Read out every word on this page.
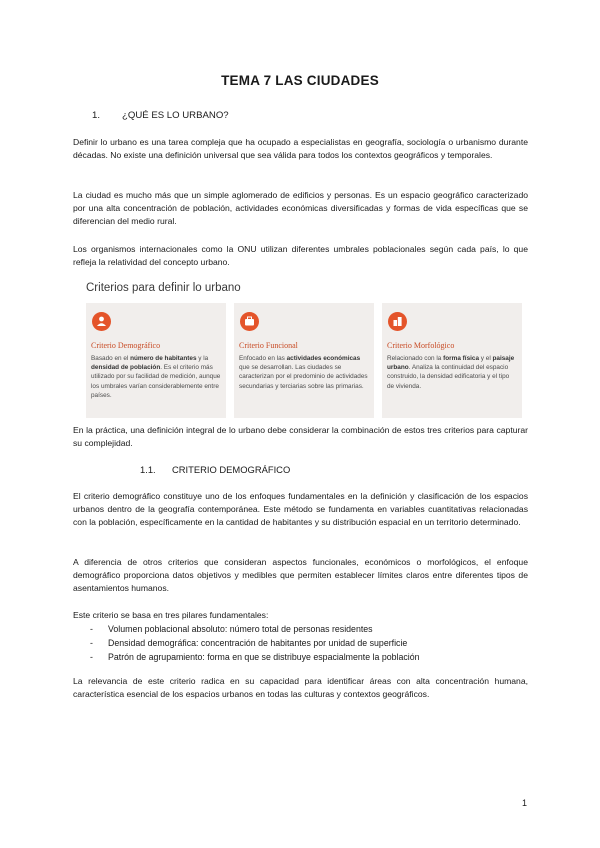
TEMA 7 LAS CIUDADES
1. ¿QUÉ ES LO URBANO?
Definir lo urbano es una tarea compleja que ha ocupado a especialistas en geografía, sociología o urbanismo durante décadas. No existe una definición universal que sea válida para todos los contextos geográficos y temporales.
La ciudad es mucho más que un simple aglomerado de edificios y personas. Es un espacio geográfico caracterizado por una alta concentración de población, actividades económicas diversificadas y formas de vida específicas que se diferencian del medio rural.
Los organismos internacionales como la ONU utilizan diferentes umbrales poblacionales según cada país, lo que refleja la relatividad del concepto urbano.
Criterios para definir lo urbano
Criterio Demográfico
Basado en el número de habitantes y la densidad de población. Es el criterio más utilizado por su facilidad de medición, aunque los umbrales varían considerablemente entre países.
Criterio Funcional
Enfocado en las actividades económicas que se desarrollan. Las ciudades se caracterizan por el predominio de actividades secundarias y terciarias sobre las primarias.
Criterio Morfológico
Relacionado con la forma física y el paisaje urbano. Analiza la continuidad del espacio construido, la densidad edificatoria y el tipo de vivienda.
En la práctica, una definición integral de lo urbano debe considerar la combinación de estos tres criterios para capturar su complejidad.
1.1. CRITERIO DEMOGRÁFICO
El criterio demográfico constituye uno de los enfoques fundamentales en la definición y clasificación de los espacios urbanos dentro de la geografía contemporánea. Este método se fundamenta en variables cuantitativas relacionadas con la población, específicamente en la cantidad de habitantes y su distribución espacial en un territorio determinado.
A diferencia de otros criterios que consideran aspectos funcionales, económicos o morfológicos, el enfoque demográfico proporciona datos objetivos y medibles que permiten establecer límites claros entre diferentes tipos de asentamientos humanos.
Este criterio se basa en tres pilares fundamentales:
- Volumen poblacional absoluto: número total de personas residentes
- Densidad demográfica: concentración de habitantes por unidad de superficie
- Patrón de agrupamiento: forma en que se distribuye espacialmente la población
La relevancia de este criterio radica en su capacidad para identificar áreas con alta concentración humana, característica esencial de los espacios urbanos en todas las culturas y contextos geográficos.
1
